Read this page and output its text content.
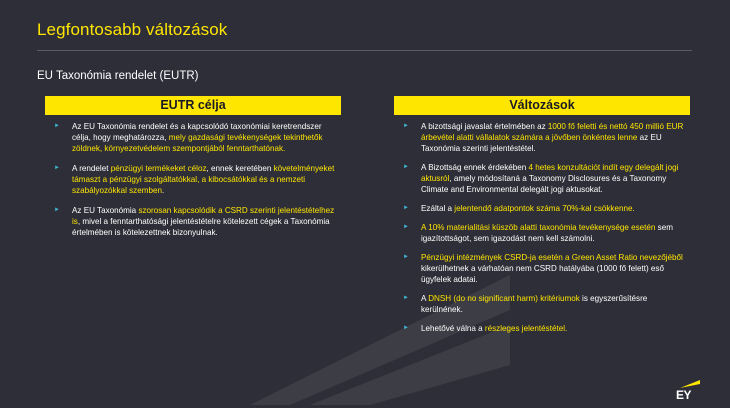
Legfontosabb változások
EU Taxonómia rendelet (EUTR)
EUTR célja
► Az EU Taxonómia rendelet és a kapcsolódó taxonómiai keretrendszer célja, hogy meghatározza, mely gazdasági tevékenységek tekinthetők zöldnek, környezetvédelem szempontjából fenntarthatónak.
► A rendelet pénzügyi termékeket céloz, ennek keretében követelményeket támaszt a pénzügyi szolgáltatókkal, a kibocsátókkal és a nemzeti szabályozókkal szemben.
► Az EU Taxonómia szorosan kapcsolódik a CSRD szerinti jelentéstételhez is, mivel a fenntarthatósági jelentéstételre kötelezett cégek a Taxonómia értelmében is kötelezettnek bizonyulnak.
Változások
► A bizottsági javaslat értelmében az 1000 fő feletti és nettó 450 millió EUR árbevétel alatti vállalatok számára a jövőben önkéntes lenne az EU Taxonómia szerinti jelentéstétel.
► A Bizottság ennek érdekében 4 hetes konzultációt indít egy delegált jogi aktusról, amely módosítaná a Taxonomy Disclosures és a Taxonomy Climate and Environmental delegált jogi aktusokat.
► Ezáltal a jelentendő adatpontok száma 70%-kal csökkenne.
► A 10% materialitási küszöb alatti taxonómia tevékenysége esetén sem igazítottságot, sem igazodást nem kell számolni.
► Pénzügyi intézmények CSRD-ja esetén a Green Asset Ratio nevezőjéből kikerülhetnek a várhatóan nem CSRD hatályába (1000 fő felett) eső ügyfelek adatai.
► A DNSH (do no significant harm) kritériumok is egyszerűsítésre kerülnének.
► Lehetővé válna a részleges jelentéstétel.
EY
